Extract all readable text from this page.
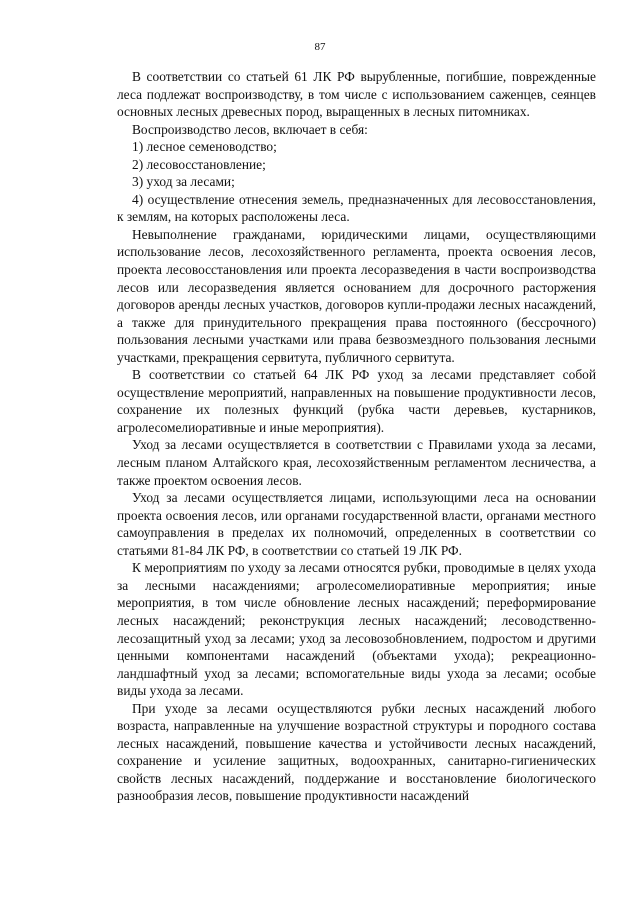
87

В соответствии со статьей 61 ЛК РФ вырубленные, погибшие, поврежденные леса подлежат воспроизводству, в том числе с использованием саженцев, сеянцев основных лесных древесных пород, выращенных в лесных питомниках.

Воспроизводство лесов, включает в себя:

1) лесное семеноводство;

2) лесовосстановление;

3) уход за лесами;

4) осуществление отнесения земель, предназначенных для лесовосстановления, к землям, на которых расположены леса.

Невыполнение гражданами, юридическими лицами, осуществляющими использование лесов, лесохозяйственного регламента, проекта освоения лесов, проекта лесовосстановления или проекта лесоразведения в части воспроизводства лесов или лесоразведения является основанием для досрочного расторжения договоров аренды лесных участков, договоров купли-продажи лесных насаждений, а также для принудительного прекращения права постоянного (бессрочного) пользования лесными участками или права безвозмездного пользования лесными участками, прекращения сервитута, публичного сервитута.

В соответствии со статьей 64 ЛК РФ уход за лесами представляет собой осуществление мероприятий, направленных на повышение продуктивности лесов, сохранение их полезных функций (рубка части деревьев, кустарников, агролесомелиоративные и иные мероприятия).

Уход за лесами осуществляется в соответствии с Правилами ухода за лесами, лесным планом Алтайского края, лесохозяйственным регламентом лесничества, а также проектом освоения лесов.

Уход за лесами осуществляется лицами, использующими леса на основании проекта освоения лесов, или органами государственной власти, органами местного самоуправления в пределах их полномочий, определенных в соответствии со статьями 81-84 ЛК РФ, в соответствии со статьей 19 ЛК РФ.

К мероприятиям по уходу за лесами относятся рубки, проводимые в целях ухода за лесными насаждениями; агролесомелиоративные мероприятия; иные мероприятия, в том числе обновление лесных насаждений; переформирование лесных насаждений; реконструкция лесных насаждений; лесоводственно-лесозащитный уход за лесами; уход за лесовозобновлением, подростом и другими ценными компонентами насаждений (объектами ухода); рекреационно-ландшафтный уход за лесами; вспомогательные виды ухода за лесами; особые виды ухода за лесами.

При уходе за лесами осуществляются рубки лесных насаждений любого возраста, направленные на улучшение возрастной структуры и породного состава лесных насаждений, повышение качества и устойчивости лесных насаждений, сохранение и усиление защитных, водоохранных, санитарно-гигиенических свойств лесных насаждений, поддержание и восстановление биологического разнообразия лесов, повышение продуктивности насаждений
